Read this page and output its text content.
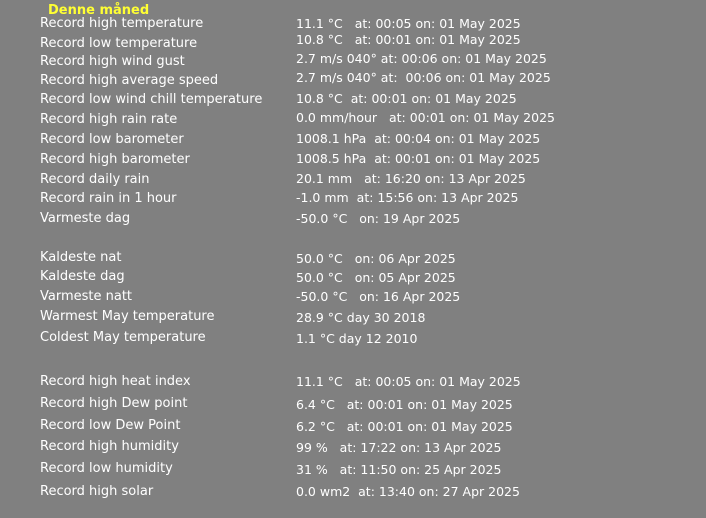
Denne måned
Record high temperature	11.1 °C   at: 00:05 on: 01 May 2025
Record low temperature	10.8 °C   at: 00:01 on: 01 May 2025
Record high wind gust	2.7 m/s 040° at: 00:06 on: 01 May 2025
Record high average speed	2.7 m/s 040° at:  00:06 on: 01 May 2025
Record low wind chill temperature	10.8 °C  at: 00:01 on: 01 May 2025
Record high rain rate	0.0 mm/hour   at: 00:01 on: 01 May 2025
Record low barometer	1008.1 hPa  at: 00:04 on: 01 May 2025
Record high barometer	1008.5 hPa  at: 00:01 on: 01 May 2025
Record daily rain	20.1 mm   at: 16:20 on: 13 Apr 2025
Record rain in 1 hour	-1.0 mm  at: 15:56 on: 13 Apr 2025
Varmeste dag	-50.0 °C   on: 19 Apr 2025
Kaldeste nat	50.0 °C   on: 06 Apr 2025
Kaldeste dag	50.0 °C   on: 05 Apr 2025
Varmeste natt	-50.0 °C   on: 16 Apr 2025
Warmest May temperature	28.9 °C day 30 2018
Coldest May temperature	1.1 °C day 12 2010
Record high heat index	11.1 °C   at: 00:05 on: 01 May 2025
Record high Dew point	6.4 °C   at: 00:01 on: 01 May 2025
Record low Dew Point	6.2 °C   at: 00:01 on: 01 May 2025
Record high humidity	99 %   at: 17:22 on: 13 Apr 2025
Record low humidity	31 %   at: 11:50 on: 25 Apr 2025
Record high solar	0.0 wm2  at: 13:40 on: 27 Apr 2025
